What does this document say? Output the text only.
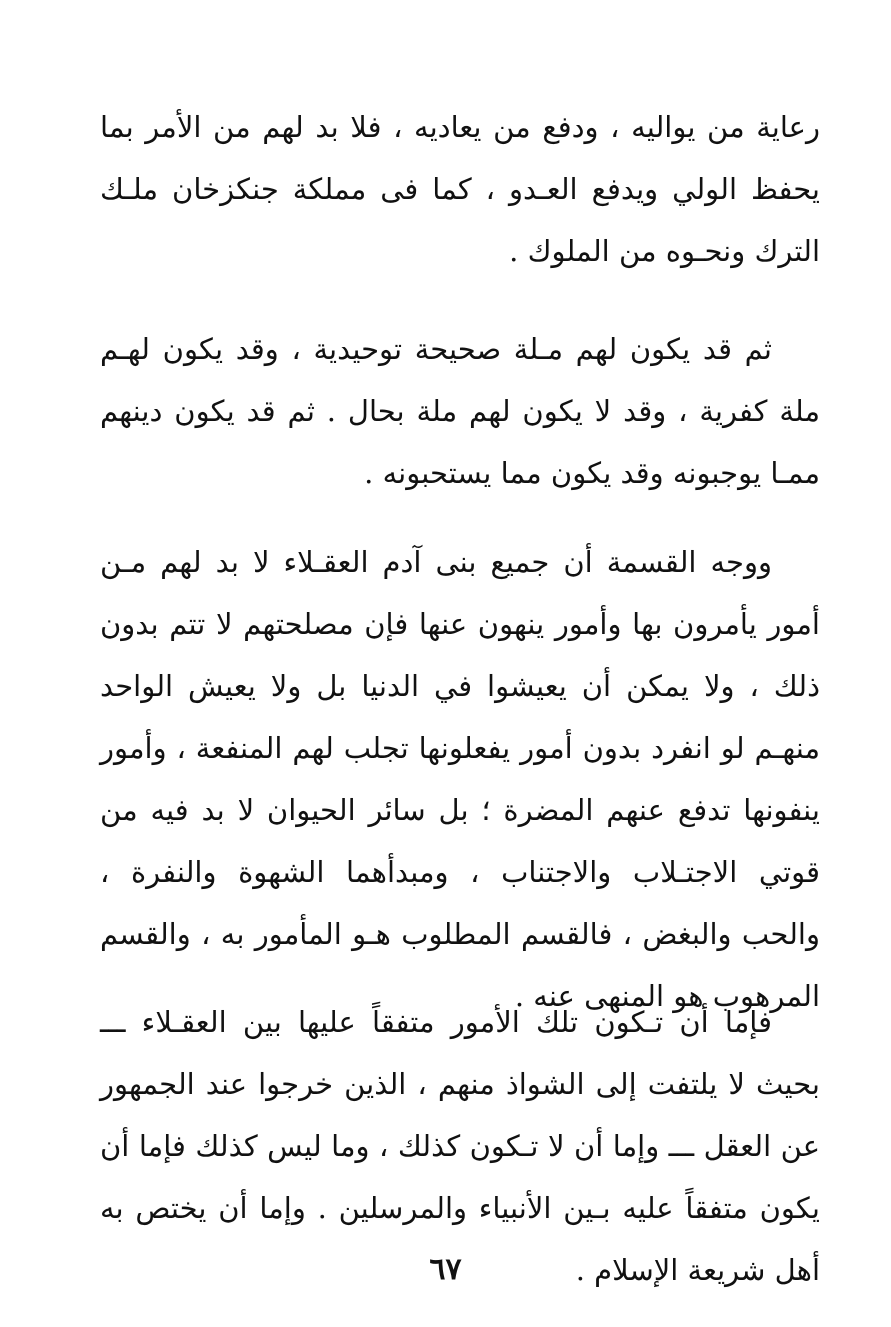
رعاية من يواليه ، ودفع من يعاديه ، فلا بد لهم من الأمر بما يحفظ الولي ويدفع العـدو ، كما فى مملكة جنكزخان ملـك الترك ونحـوه من الملوك .

ثم قد يكون لهم مـلة صحيحة توحيدية ، وقد يكون لهـم ملة كفرية ، وقد لا يكون لهم ملة بحال . ثم قد يكون دينهم ممـا يوجبونه وقد يكون مما يستحبونه .

ووجه القسمة أن جميع بنى آدم العقـلاء لا بد لهم مـن أمور يأمرون بها وأمور ينهون عنها فإن مصلحتهم لا تتم بدون ذلك ، ولا يمكن أن يعيشوا في الدنيا بل ولا يعيش الواحد منهـم لو انفرد بدون أمور يفعلونها تجلب لهم المنفعة ، وأمور ينفونها تدفع عنهم المضرة ؛ بل سائر الحيوان لا بد فيه من قوتي الاجتـلاب والاجتناب ، ومبدأهما الشهوة والنفرة ، والحب والبغض ، فالقسم المطلوب هـو المأمور به ، والقسم المرهوب هو المنهى عنه .

فإما أن تـكون تلك الأمور متفقاً عليها بين العقـلاء ـــ بحيث لا يلتفت إلى الشواذ منهم ، الذين خرجوا عند الجمهور عن العقل ـــ وإما أن لا تـكون كذلك ، وما ليس كذلك فإما أن يكون متفقاً عليه بـين الأنبياء والمرسلين . وإما أن يختص به أهل شريعة الإسلام .

٦٧
